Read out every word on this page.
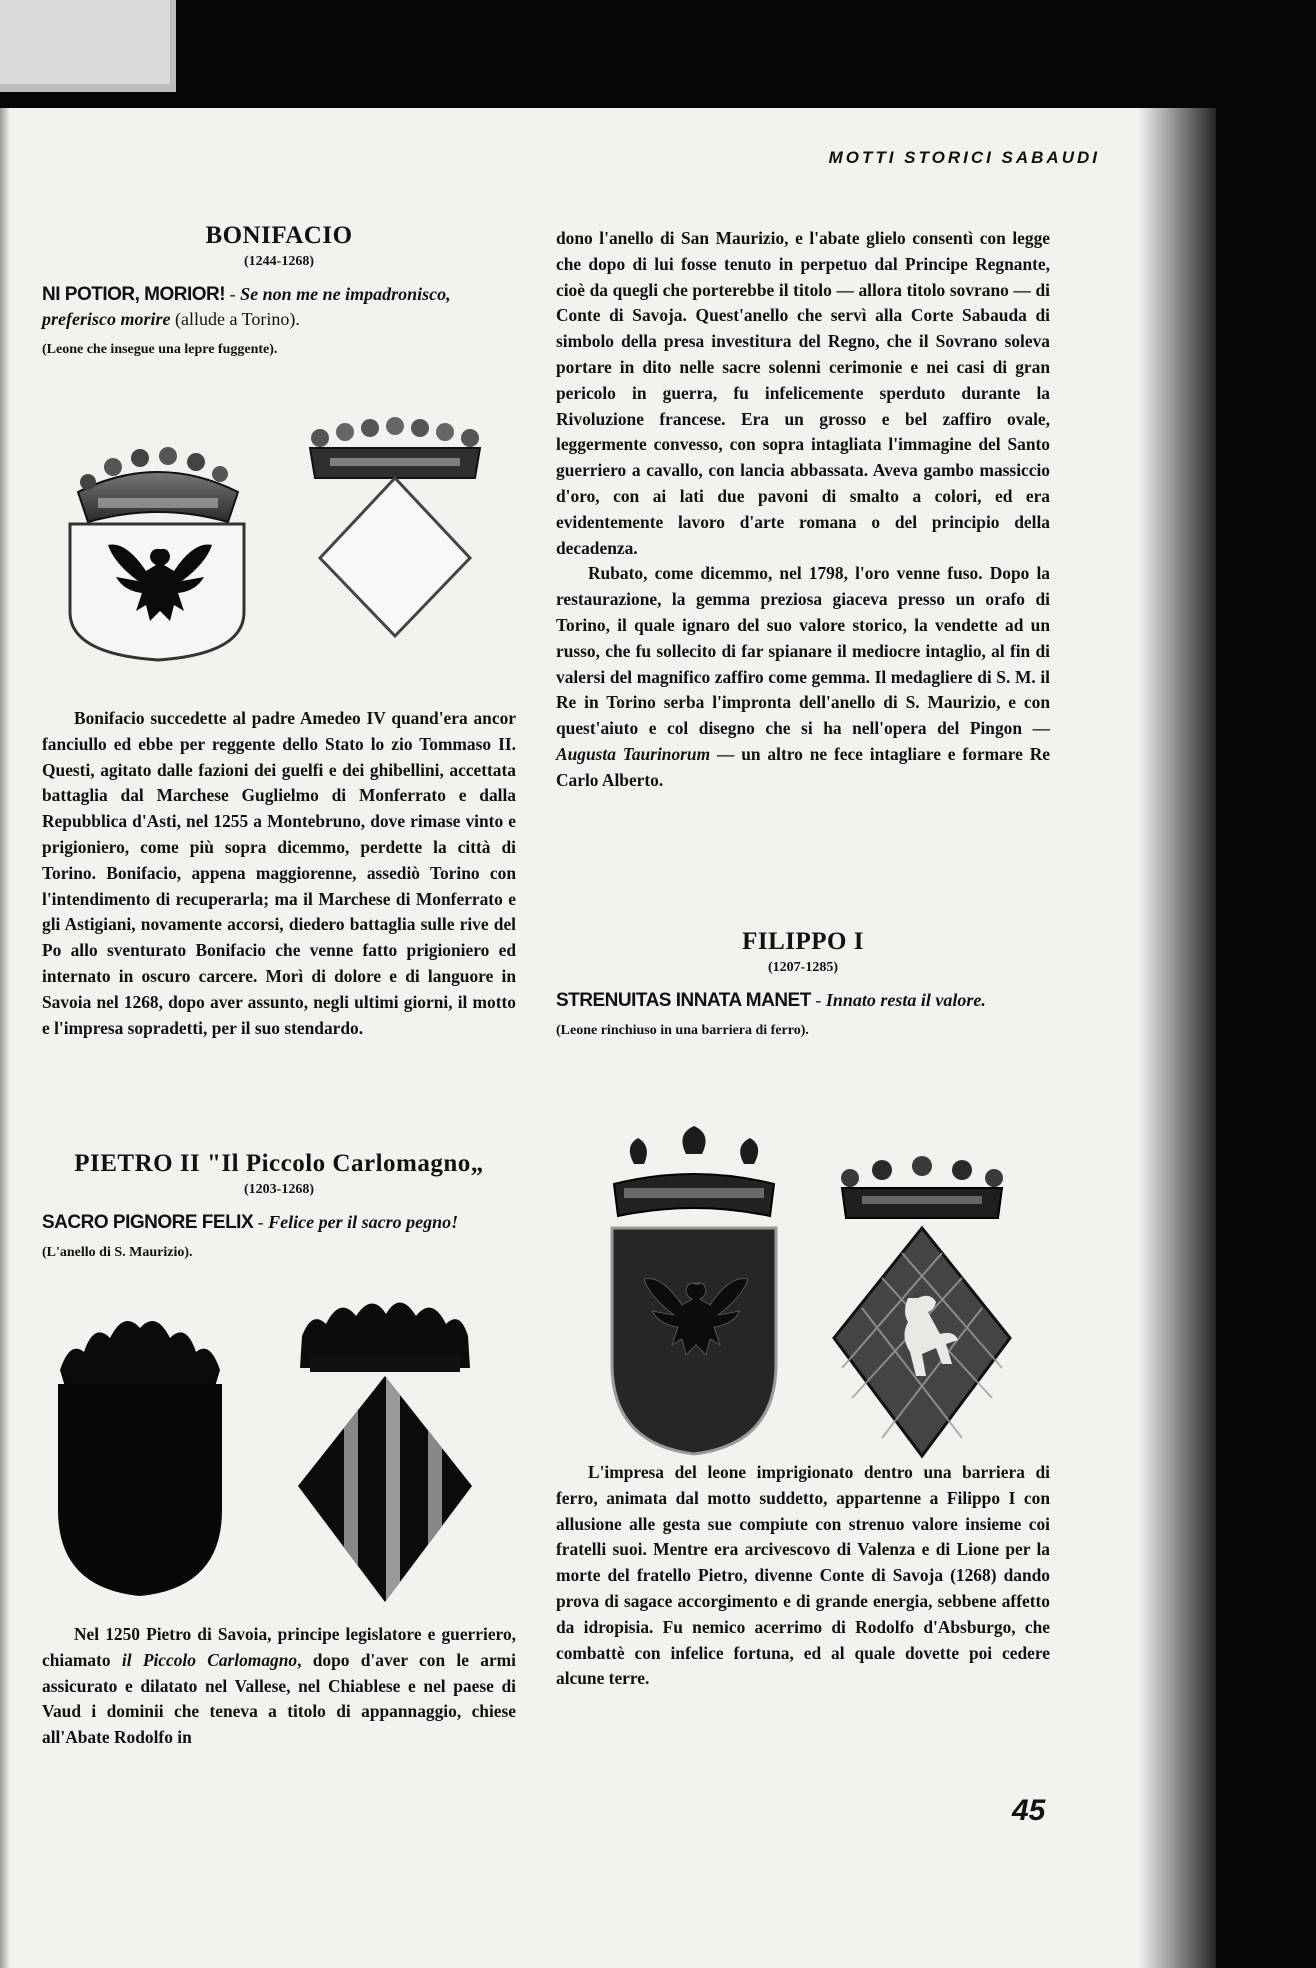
MOTTI STORICI SABAUDI
BONIFACIO
(1244-1268)

NI POTIOR, MORIOR! - Se non me ne impadronisco, preferisco morire (allude a Torino).

(Leone che insegue una lepre fuggente).

Bonifacio succedette al padre Amedeo IV quand'era ancor fanciullo ed ebbe per reggente dello Stato lo zio Tommaso II. Questi, agitato dalle fazioni dei guelfi e dei ghibellini, accettata battaglia dal Marchese Guglielmo di Monferrato e dalla Repubblica d'Asti, nel 1255 a Montebruno, dove rimase vinto e prigioniero, come più sopra dicemmo, perdette la città di Torino. Bonifacio, appena maggiorenne, assediò Torino con l'intendimento di recuperarla; ma il Marchese di Monferrato e gli Astigiani, novamente accorsi, diedero battaglia sulle rive del Po allo sventurato Bonifacio che venne fatto prigioniero ed internato in oscuro carcere. Morì di dolore e di languore in Savoia nel 1268, dopo aver assunto, negli ultimi giorni, il motto e l'impresa sopradetti, per il suo stendardo.

dono l'anello di San Maurizio, e l'abate glielo consentì con legge che dopo di lui fosse tenuto in perpetuo dal Principe Regnante, cioè da quegli che porterebbe il titolo — allora titolo sovrano — di Conte di Savoja. Quest'anello che servì alla Corte Sabauda di simbolo della presa investitura del Regno, che il Sovrano soleva portare in dito nelle sacre solenni cerimonie e nei casi di gran pericolo in guerra, fu infelicemente sperduto durante la Rivoluzione francese. Era un grosso e bel zaffiro ovale, leggermente convesso, con sopra intagliata l'immagine del Santo guerriero a cavallo, con lancia abbassata. Aveva gambo massiccio d'oro, con ai lati due pavoni di smalto a colori, ed era evidentemente lavoro d'arte romana o del principio della decadenza.

Rubato, come dicemmo, nel 1798, l'oro venne fuso. Dopo la restaurazione, la gemma preziosa giaceva presso un orafo di Torino, il quale ignaro del suo valore storico, la vendette ad un russo, che fu sollecito di far spianare il mediocre intaglio, al fin di valersi del magnifico zaffiro come gemma. Il medagliere di S. M. il Re in Torino serba l'impronta dell'anello di S. Maurizio, e con quest'aiuto e col disegno che si ha nell'opera del Pingon — Augusta Taurinorum — un altro ne fece intagliare e formare Re Carlo Alberto.

FILIPPO I
(1207-1285)

STRENUITAS INNATA MANET - Innato resta il valore.

(Leone rinchiuso in una barriera di ferro).

L'impresa del leone imprigionato dentro una barriera di ferro, animata dal motto suddetto, appartenne a Filippo I con allusione alle gesta sue compiute con strenuo valore insieme coi fratelli suoi. Mentre era arcivescovo di Valenza e di Lione per la morte del fratello Pietro, divenne Conte di Savoja (1268) dando prova di sagace accorgimento e di grande energia, sebbene affetto da idropisia. Fu nemico acerrimo di Rodolfo d'Absburgo, che combattè con infelice fortuna, ed al quale dovette poi cedere alcune terre.

PIETRO II "Il Piccolo Carlomagno„
(1203-1268)

SACRO PIGNORE FELIX - Felice per il sacro pegno!

(L'anello di S. Maurizio).

Nel 1250 Pietro di Savoia, principe legislatore e guerriero, chiamato il Piccolo Carlomagno, dopo d'aver con le armi assicurato e dilatato nel Vallese, nel Chiablese e nel paese di Vaud i dominii che teneva a titolo di appannaggio, chiese all'Abate Rodolfo in

45
